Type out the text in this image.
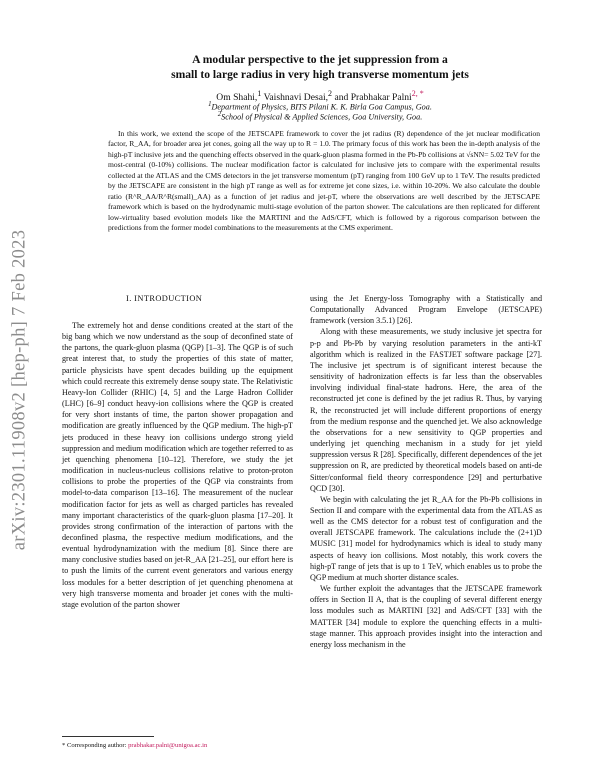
arXiv:2301.11908v2 [hep-ph] 7 Feb 2023
A modular perspective to the jet suppression from a
small to large radius in very high transverse momentum jets
Om Shahi,$^1$ Vaishnavi Desai,$^2$ and Prabhakar Palni$^{2, *}$
$^1$Department of Physics, BITS Pilani K. K. Birla Goa Campus, Goa.
$^2$School of Physical & Applied Sciences, Goa University, Goa.
In this work, we extend the scope of the JETSCAPE framework to cover the jet radius (R) dependence of the jet nuclear modification factor, R_AA, for broader area jet cones, going all the way up to R = 1.0. The primary focus of this work has been the in-depth analysis of the high-pT inclusive jets and the quenching effects observed in the quark-gluon plasma formed in the Pb-Pb collisions at √sNN= 5.02 TeV for the most-central (0-10%) collisions. The nuclear modification factor is calculated for inclusive jets to compare with the experimental results collected at the ATLAS and the CMS detectors in the jet transverse momentum (pT) ranging from 100 GeV up to 1 TeV. The results predicted by the JETSCAPE are consistent in the high pT range as well as for extreme jet cone sizes, i.e. within 10-20%. We also calculate the double ratio (R^R_AA/R^R(small)_AA) as a function of jet radius and jet-pT, where the observations are well described by the JETSCAPE framework which is based on the hydrodynamic multi-stage evolution of the parton shower. The calculations are then replicated for different low-virtuality based evolution models like the MARTINI and the AdS/CFT, which is followed by a rigorous comparison between the predictions from the former model combinations to the measurements at the CMS experiment.
I. INTRODUCTION

The extremely hot and dense conditions created at the start of the big bang which we now understand as the soup of deconfined state of the partons, the quark-gluon plasma (QGP) [1–3]. The QGP is of such great interest that, to study the properties of this state of matter, particle physicists have spent decades building up the equipment which could recreate this extremely dense soupy state. The Relativistic Heavy-Ion Collider (RHIC) [4, 5] and the Large Hadron Collider (LHC) [6–9] conduct heavy-ion collisions where the QGP is created for very short instants of time, the parton shower propagation and modification are greatly influenced by the QGP medium. The high-pT jets produced in these heavy ion collisions undergo strong yield suppression and medium modification which are together referred to as jet quenching phenomena [10–12]. Therefore, we study the jet modification in nucleus-nucleus collisions relative to proton-proton collisions to probe the properties of the QGP via constraints from model-to-data comparison [13–16]. The measurement of the nuclear modification factor for jets as well as charged particles has revealed many important characteristics of the quark-gluon plasma [17–20]. It provides strong confirmation of the interaction of partons with the deconfined plasma, the respective medium modifications, and the eventual hydrodynamization with the medium [8]. Since there are many conclusive studies based on jet-R_AA [21–25], our effort here is to push the limits of the current event generators and various energy loss modules for a better description of jet quenching phenomena at very high transverse momenta and broader jet cones with the multi-stage evolution of the parton shower

using the Jet Energy-loss Tomography with a Statistically and Computationally Advanced Program Envelope (JETSCAPE) framework (version 3.5.1) [26].

Along with these measurements, we study inclusive jet spectra for p-p and Pb-Pb by varying resolution parameters in the anti-kT algorithm which is realized in the FASTJET software package [27]. The inclusive jet spectrum is of significant interest because the sensitivity of hadronization effects is far less than the observables involving individual final-state hadrons. Here, the area of the reconstructed jet cone is defined by the jet radius R. Thus, by varying R, the reconstructed jet will include different proportions of energy from the medium response and the quenched jet. We also acknowledge the observations for a new sensitivity to QGP properties and underlying jet quenching mechanism in a study for jet yield suppression versus R [28]. Specifically, different dependences of the jet suppression on R, are predicted by theoretical models based on anti-de Sitter/conformal field theory correspondence [29] and perturbative QCD [30].

We begin with calculating the jet R_AA for the Pb-Pb collisions in Section II and compare with the experimental data from the ATLAS as well as the CMS detector for a robust test of configuration and the overall JETSCAPE framework. The calculations include the (2+1)D MUSIC [31] model for hydrodynamics which is ideal to study many aspects of heavy ion collisions. Most notably, this work covers the high-pT range of jets that is up to 1 TeV, which enables us to probe the QGP medium at much shorter distance scales.

We further exploit the advantages that the JETSCAPE framework offers in Section II A, that is the coupling of several different energy loss modules such as MARTINI [32] and AdS/CFT [33] with the MATTER [34] module to explore the quenching effects in a multi-stage manner. This approach provides insight into the interaction and energy loss mechanism in the

* Corresponding author: prabhakar.palni@unigoa.ac.in
